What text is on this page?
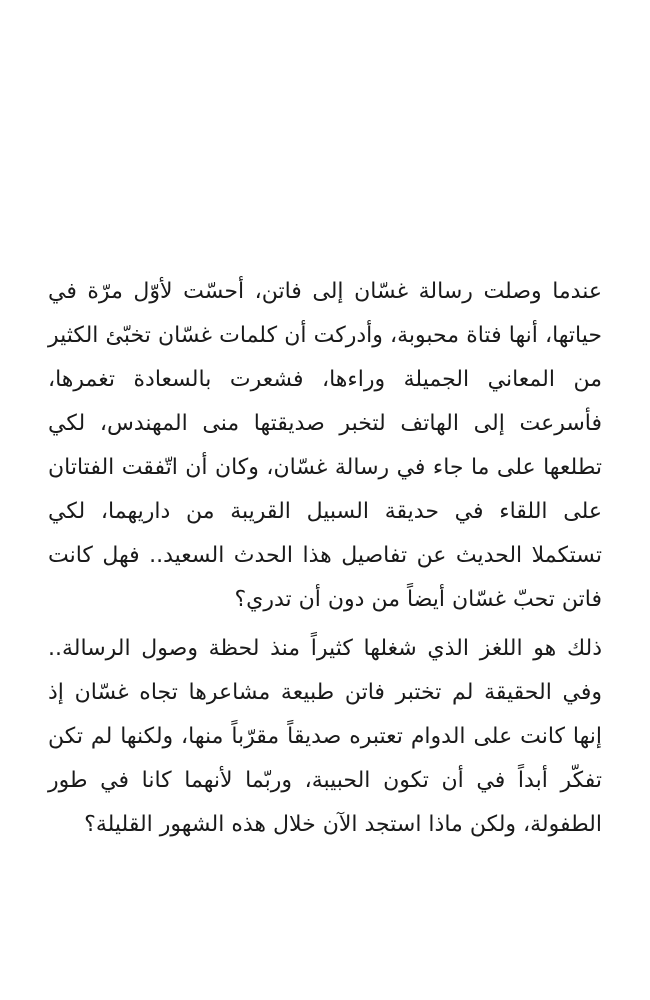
عندما وصلت رسالة غسّان إلى فاتن، أحسّت لأوّل مرّة في حياتها، أنها فتاة محبوبة، وأدركت أن كلمات غسّان تخبّئ الكثير من المعاني الجميلة وراءها، فشعرت بالسعادة تغمرها، فأسرعت إلى الهاتف لتخبر صديقتها منى المهندس، لكي تطلعها على ما جاء في رسالة غسّان، وكان أن اتّفقت الفتاتان على اللقاء في حديقة السبيل القريبة من داريهما، لكي تستكملا الحديث عن تفاصيل هذا الحدث السعيد.. فهل كانت فاتن تحبّ غسّان أيضاً من دون أن تدري؟

ذلك هو اللغز الذي شغلها كثيراً منذ لحظة وصول الرسالة.. وفي الحقيقة لم تختبر فاتن طبيعة مشاعرها تجاه غسّان إذ إنها كانت على الدوام تعتبره صديقاً مقرّباً منها، ولكنها لم تكن تفكّر أبداً في أن تكون الحبيبة، وربّما لأنهما كانا في طور الطفولة، ولكن ماذا استجد الآن خلال هذه الشهور القليلة؟
